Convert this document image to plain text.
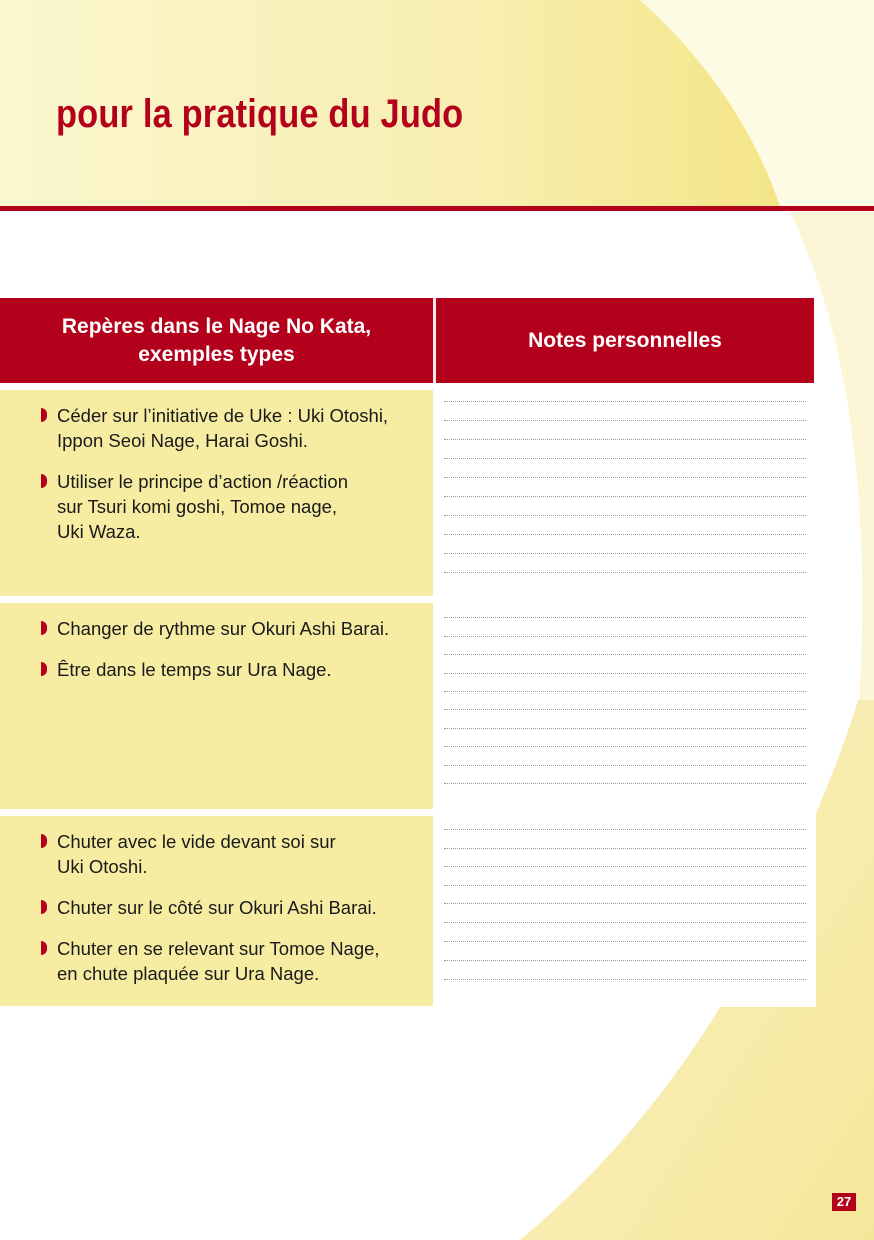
pour la pratique du Judo
Repères dans le Nage No Kata,
exemples types
Notes personnelles
Céder sur l’initiative de Uke : Uki Otoshi,
Ippon Seoi Nage, Harai Goshi.
Utiliser le principe d’action /réaction
sur Tsuri komi goshi, Tomoe nage,
Uki Waza.
Changer de rythme sur Okuri Ashi Barai.
Être dans le temps sur Ura Nage.
Chuter avec le vide devant soi sur
Uki Otoshi.
Chuter sur le côté sur Okuri Ashi Barai.
Chuter en se relevant sur Tomoe Nage,
en chute plaquée sur Ura Nage.
27
